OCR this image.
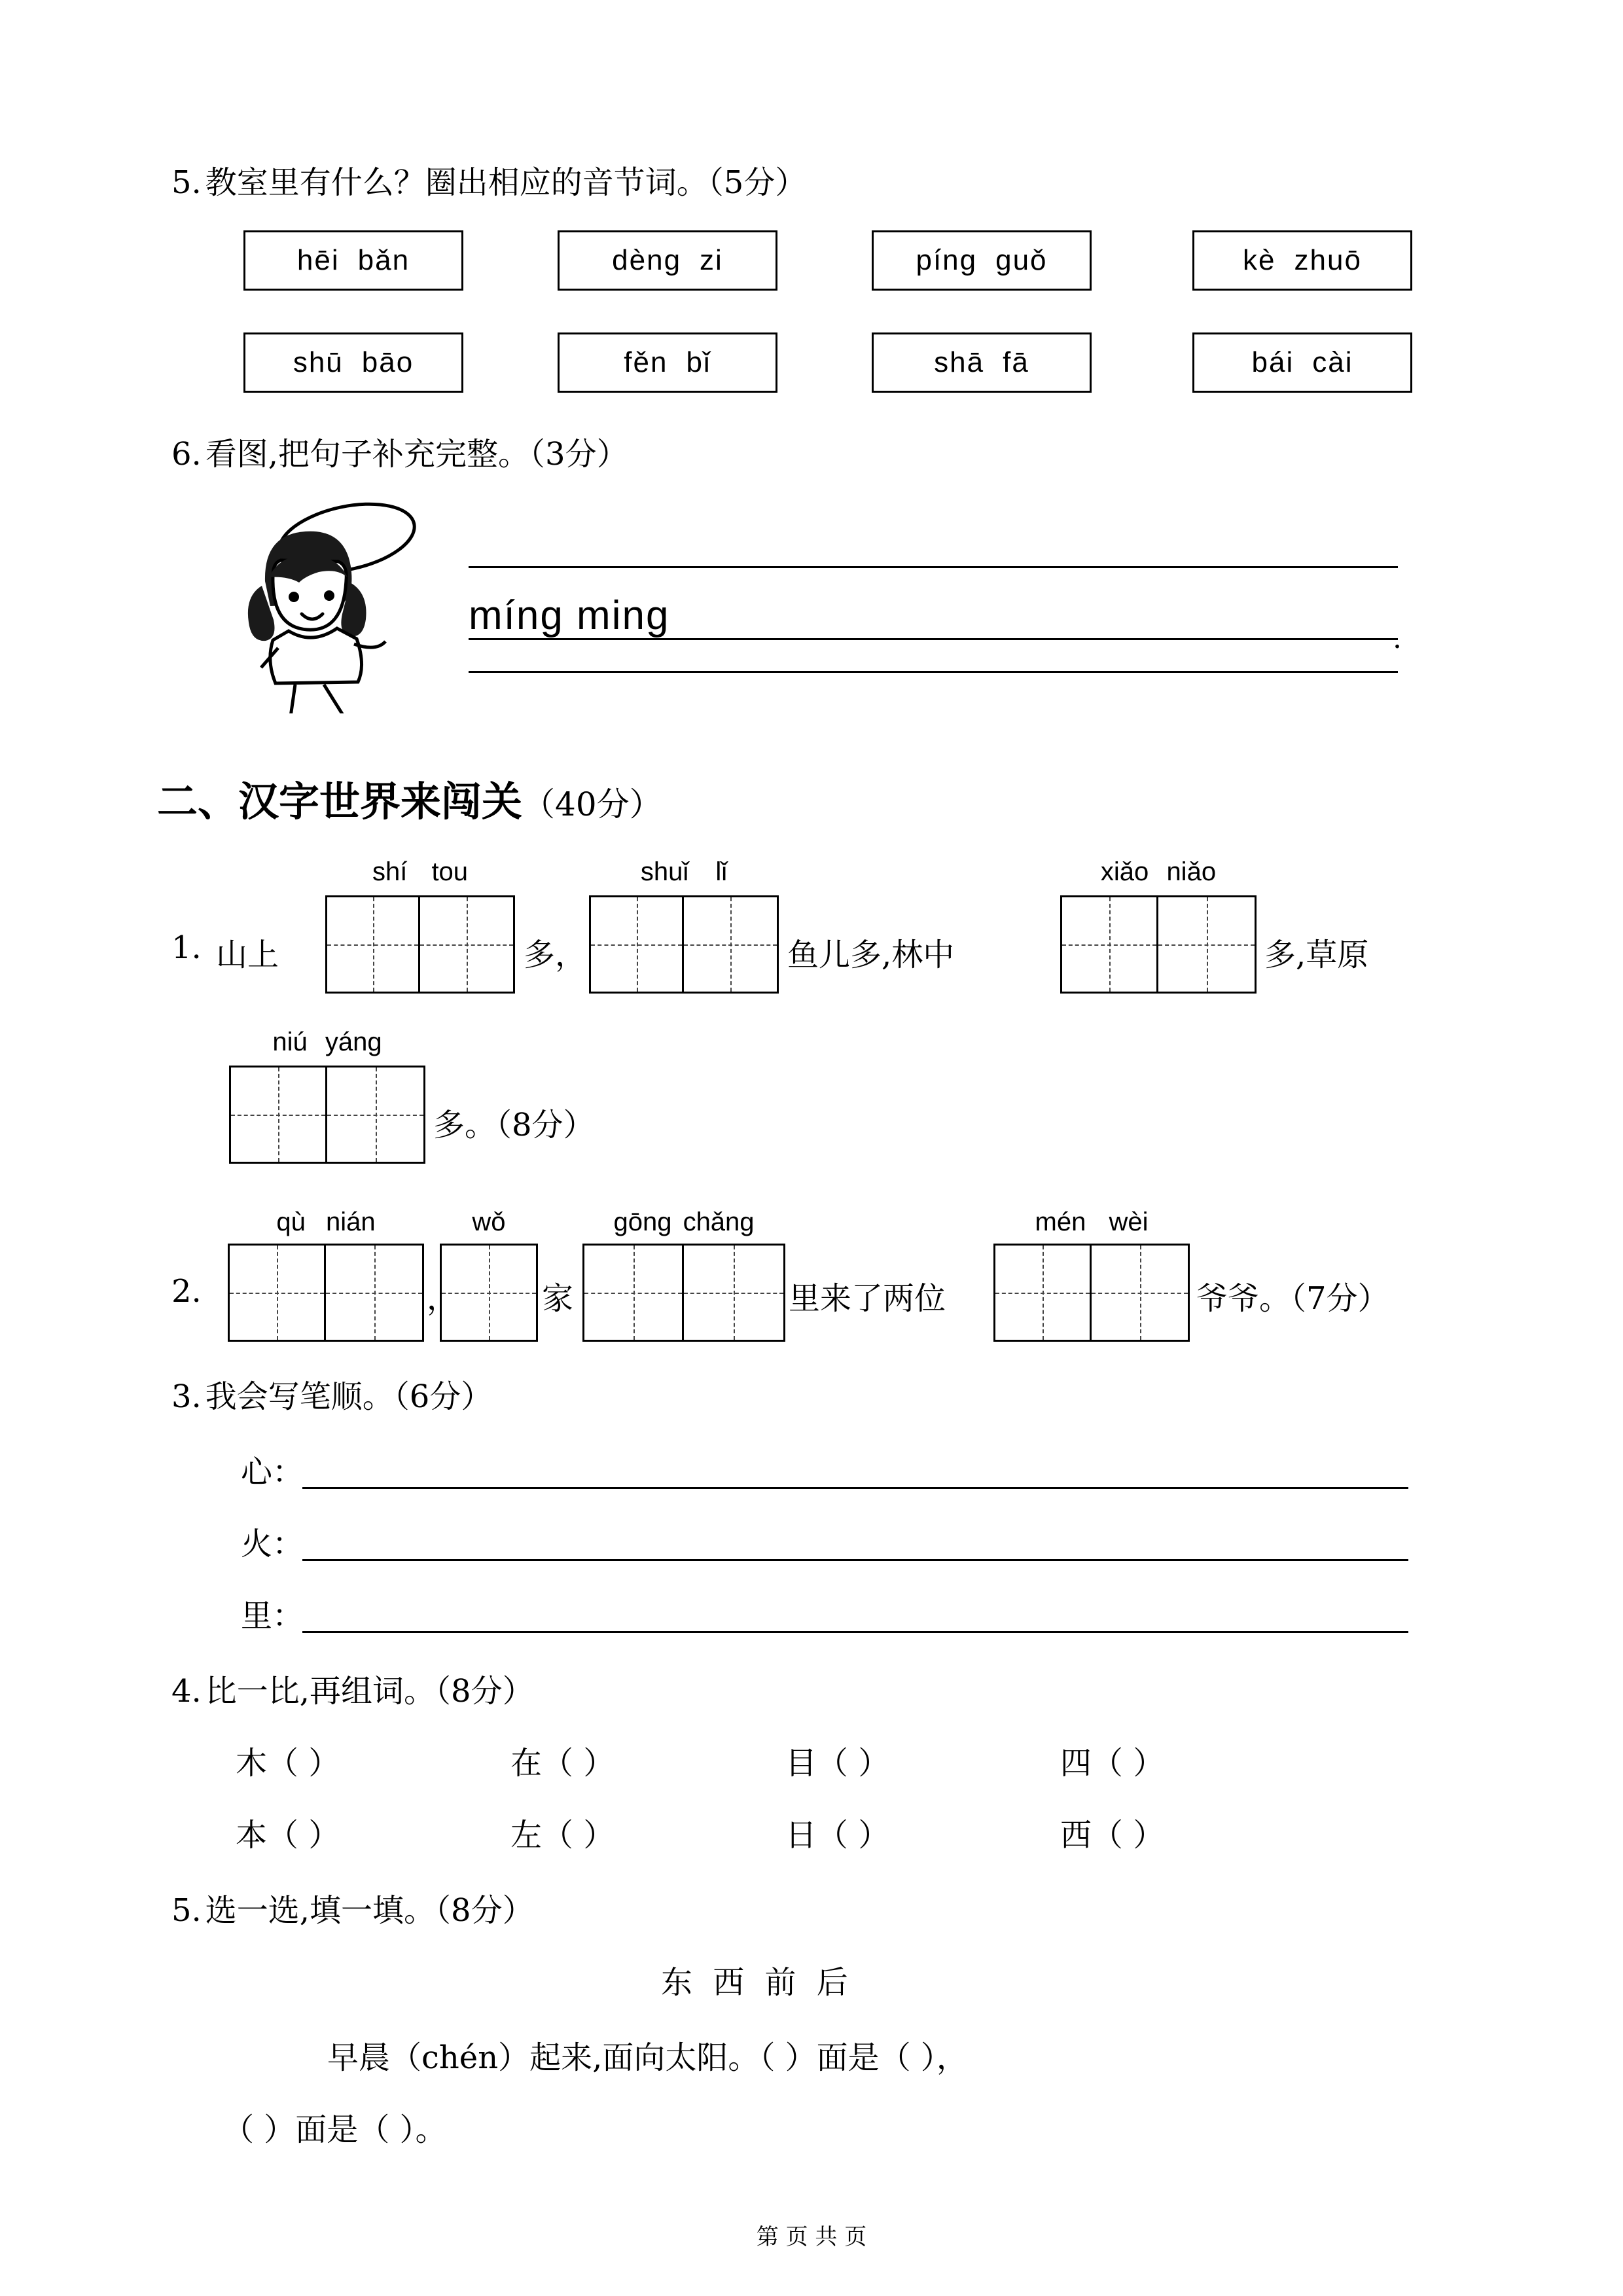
5. 教室里有什么？圈出相应的音节词。（5分）
hēi bǎn	dèng zi	píng guǒ	kè zhuō
shū bāo	fěn bǐ	shā fā	bái cài
6. 看图,把句子补充完整。（3分）
míng ming
.
二、汉字世界来闯关 （40分）
shí tou	shuǐ lǐ	xiǎo niǎo
1. 山上	多，	鱼儿多,林中	多,草原
niú yáng
多。（8分）
qù nián	wǒ	gōng chǎng	mén wèi
2.	，	家	里来了两位	爷爷。（7分）
3. 我会写笔顺。（6分）
心：
火：
里：
4. 比一比,再组词。（8分）
木（ ）	在（ ）	目（ ）	四（ ）
本（ ）	左（ ）	日（ ）	西（ ）
5. 选一选,填一填。（8分）
东 西 前 后
早晨（chén）起来,面向太阳。（ ）面是（ ），
（ ）面是（ ）。
第 页 共 页
